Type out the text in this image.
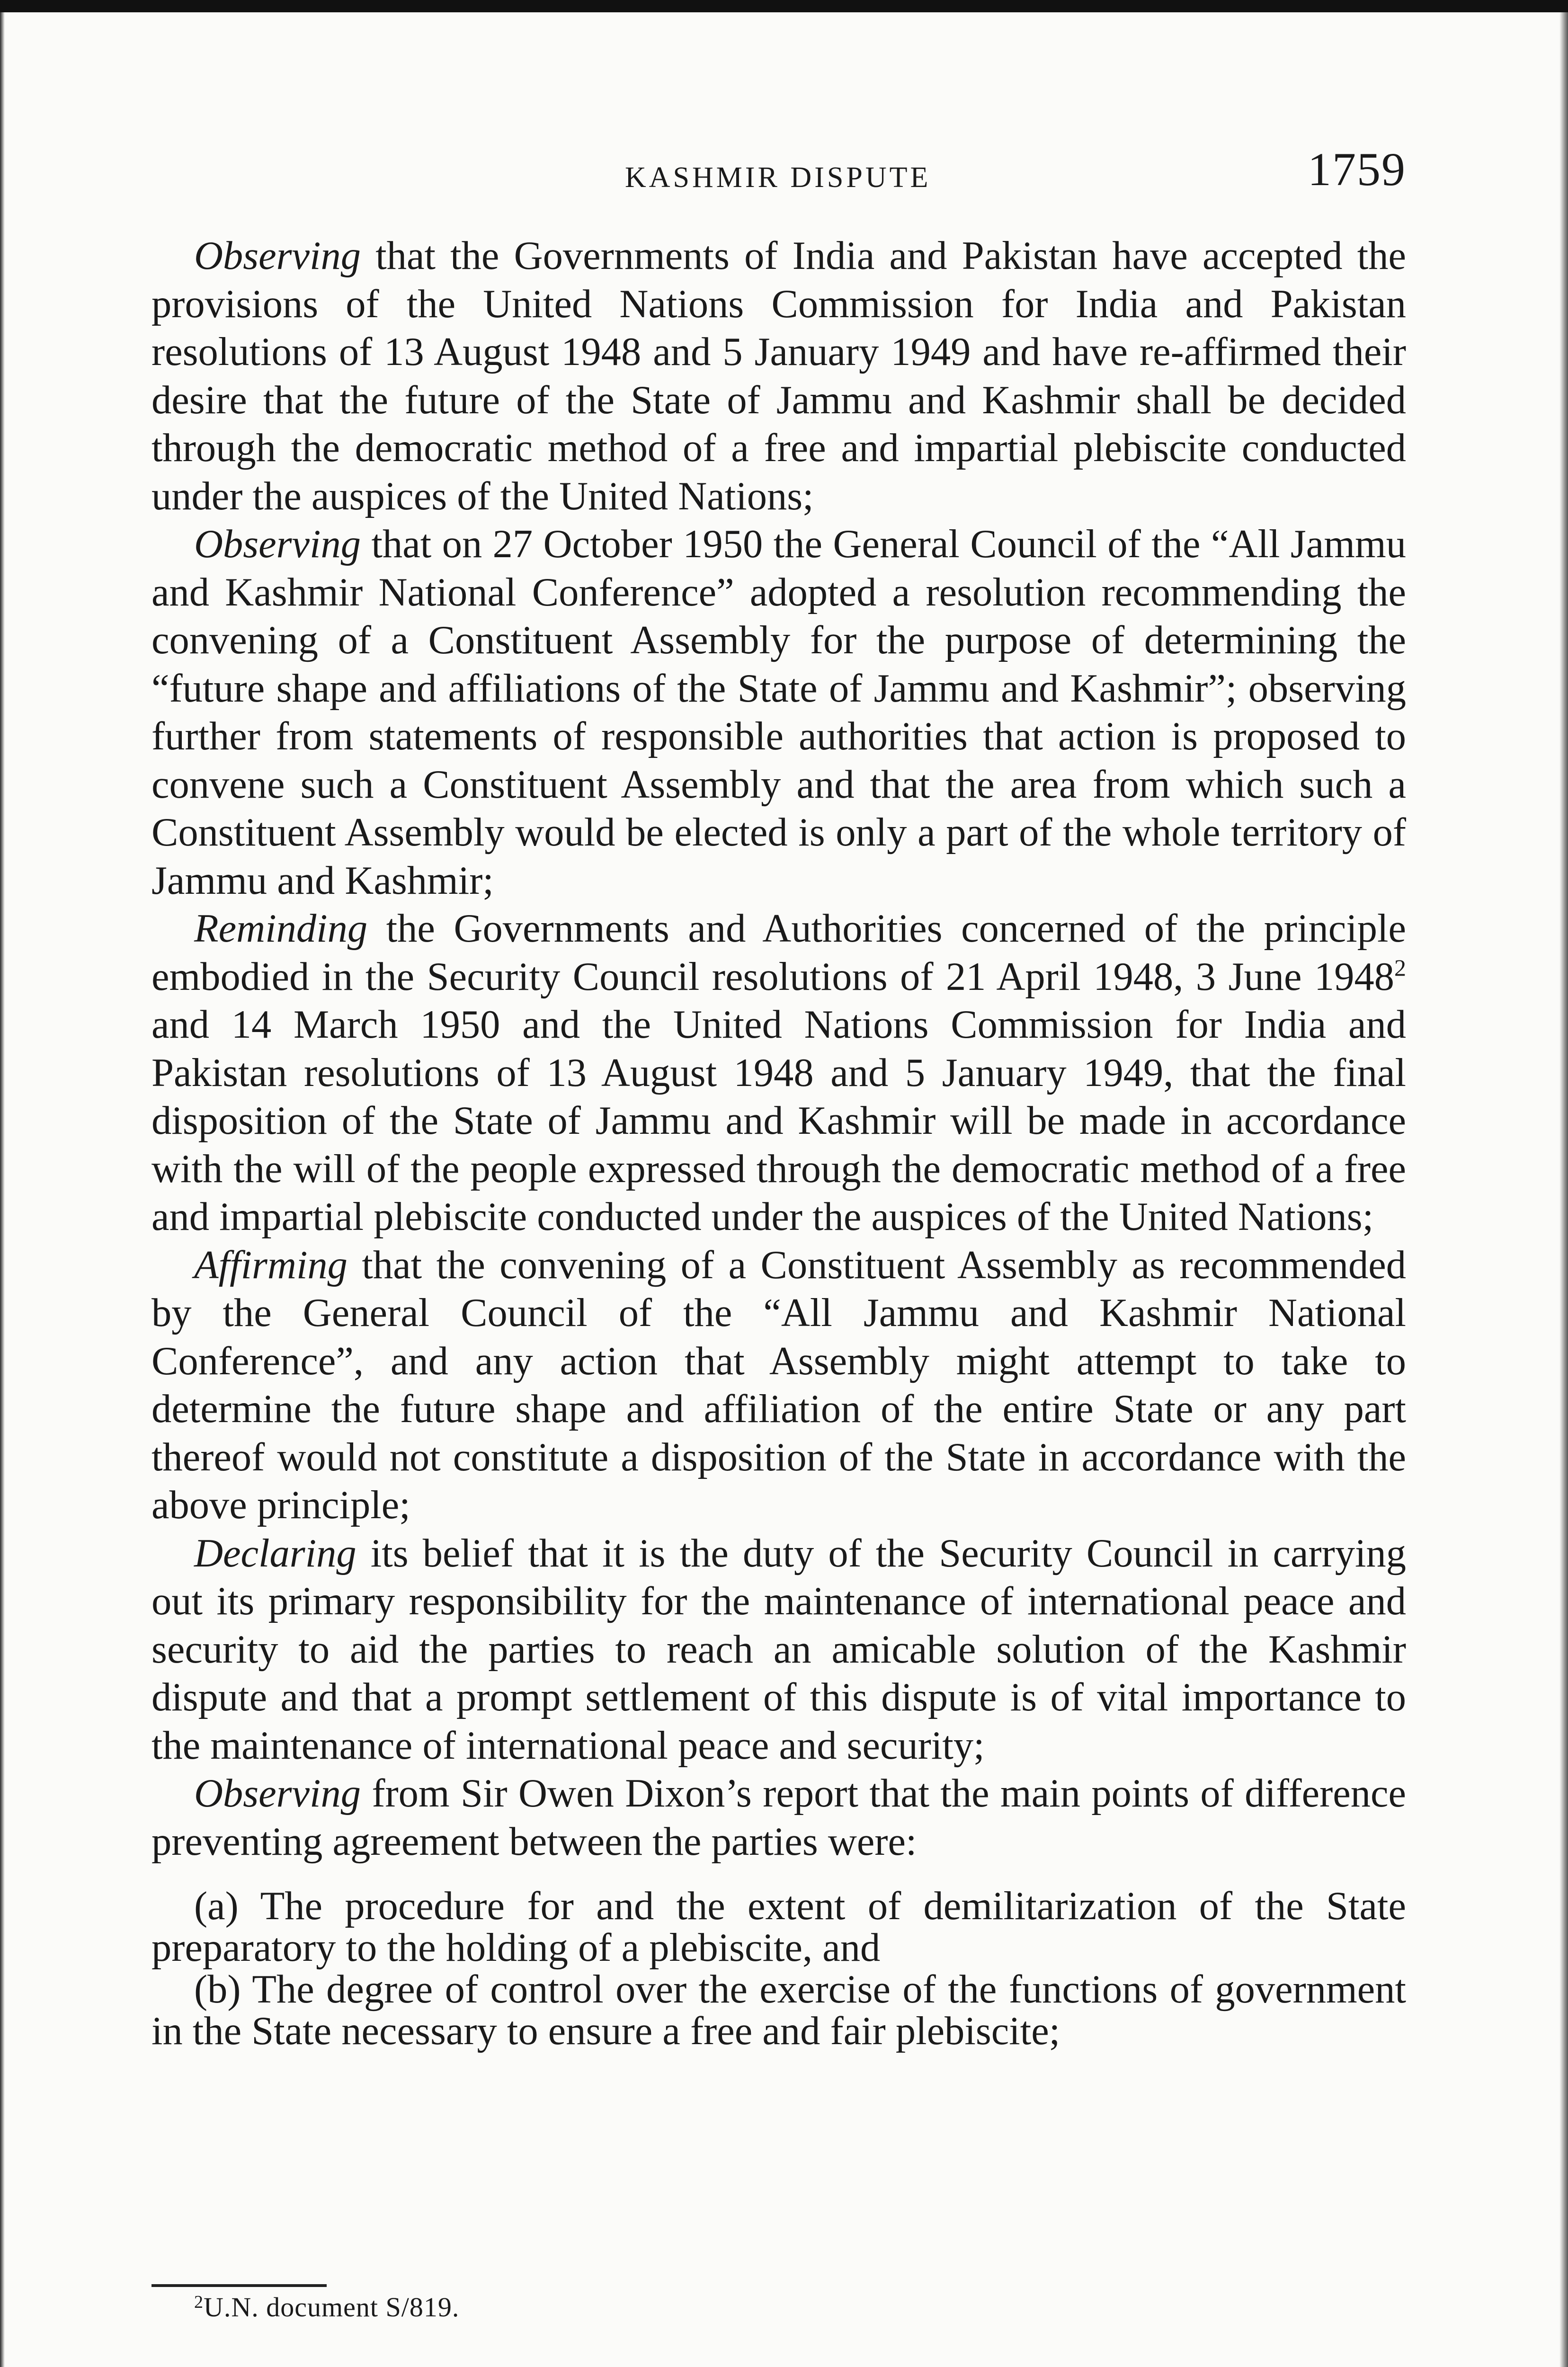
KASHMIR DISPUTE	1759

Observing that the Governments of India and Pakistan have accepted the provisions of the United Nations Commission for India and Pakistan resolutions of 13 August 1948 and 5 January 1949 and have re-affirmed their desire that the future of the State of Jammu and Kashmir shall be decided through the democratic method of a free and impartial plebiscite conducted under the auspices of the United Nations;

Observing that on 27 October 1950 the General Council of the “All Jammu and Kashmir National Conference” adopted a resolution recommending the convening of a Constituent Assembly for the purpose of determining the “future shape and affiliations of the State of Jammu and Kashmir”; observing further from statements of responsible authorities that action is proposed to convene such a Constituent Assembly and that the area from which such a Constituent Assembly would be elected is only a part of the whole territory of Jammu and Kashmir;

Reminding the Governments and Authorities concerned of the principle embodied in the Security Council resolutions of 21 April 1948, 3 June 1948$^2$ and 14 March 1950 and the United Nations Commission for India and Pakistan resolutions of 13 August 1948 and 5 January 1949, that the final disposition of the State of Jammu and Kashmir will be made in accordance with the will of the people expressed through the democratic method of a free and impartial plebiscite conducted under the auspices of the United Nations;

Affirming that the convening of a Constituent Assembly as recommended by the General Council of the “All Jammu and Kashmir National Conference”, and any action that Assembly might attempt to take to determine the future shape and affiliation of the entire State or any part thereof would not constitute a disposition of the State in accordance with the above principle;

Declaring its belief that it is the duty of the Security Council in carrying out its primary responsibility for the maintenance of international peace and security to aid the parties to reach an amicable solution of the Kashmir dispute and that a prompt settlement of this dispute is of vital importance to the maintenance of international peace and security;

Observing from Sir Owen Dixon’s report that the main points of difference preventing agreement between the parties were:

(a) The procedure for and the extent of demilitarization of the State preparatory to the holding of a plebiscite, and

(b) The degree of control over the exercise of the functions of government in the State necessary to ensure a free and fair plebiscite;

$^2$U.N. document S/819.
